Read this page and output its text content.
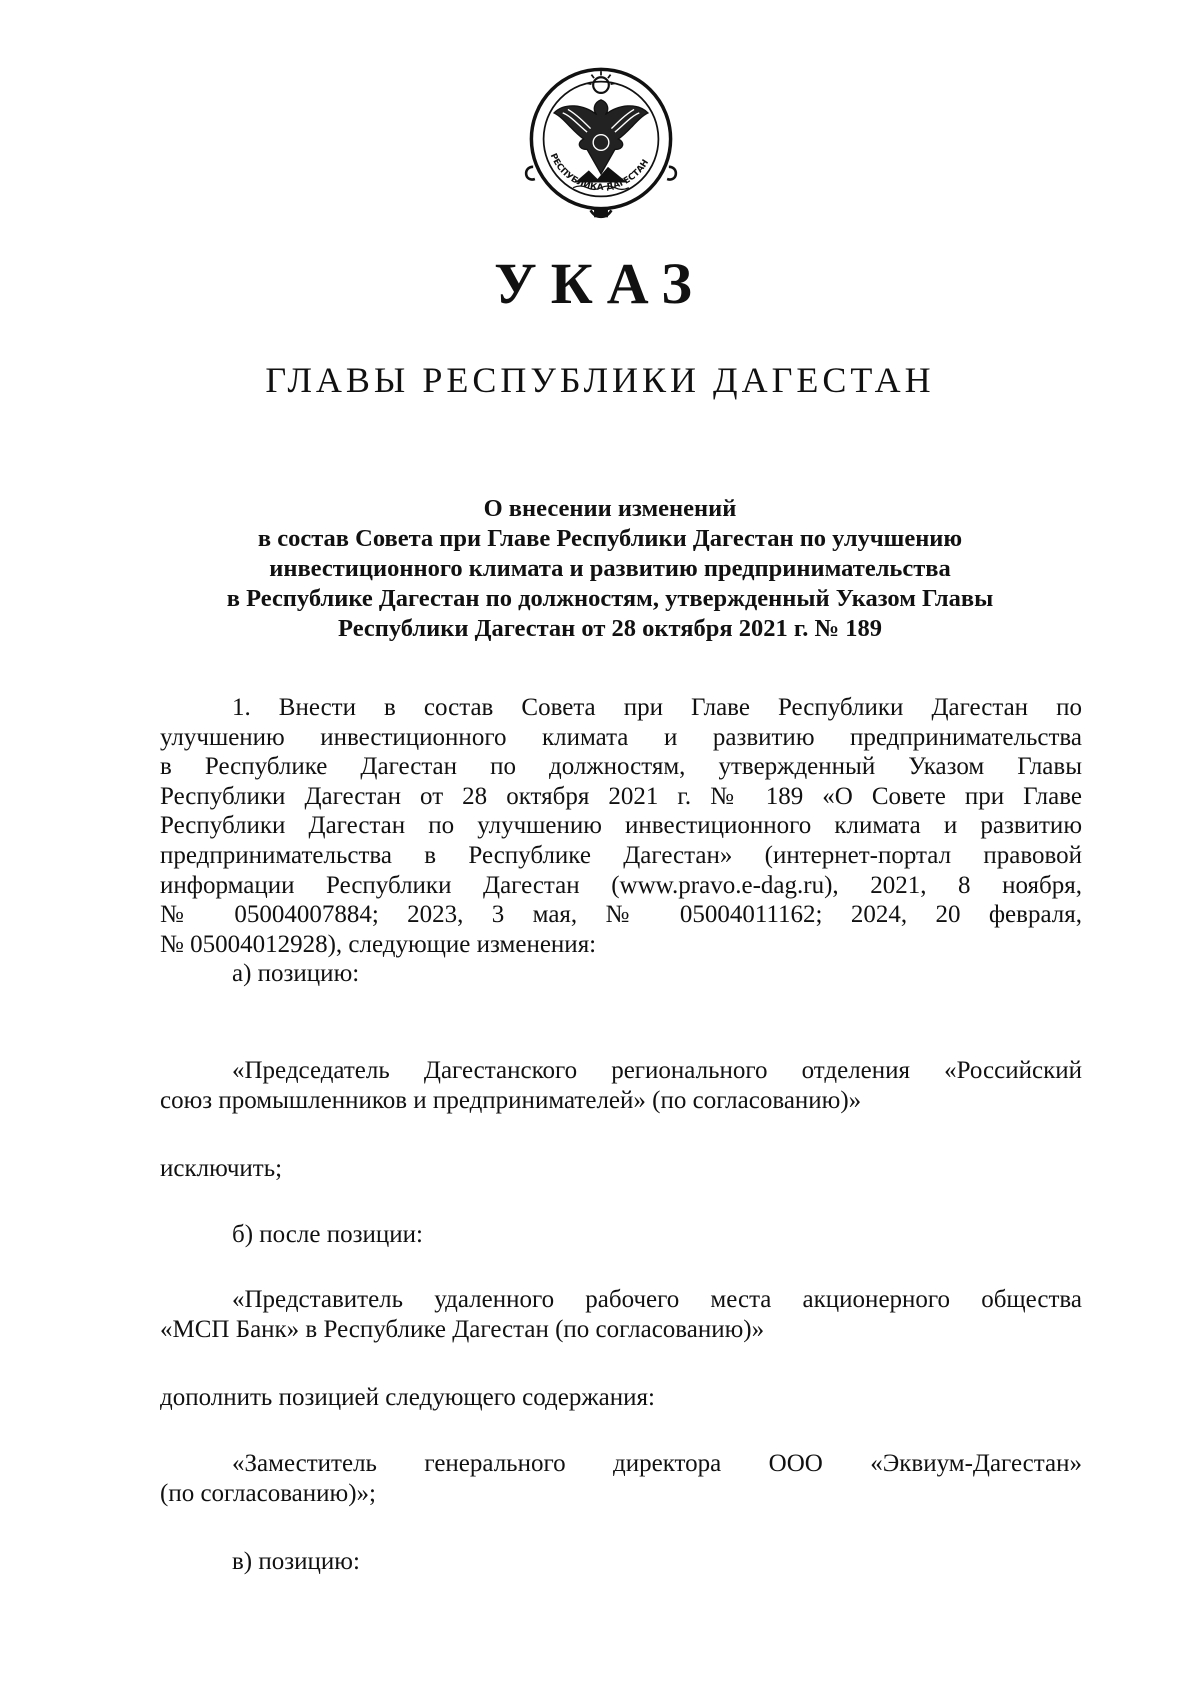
РЕСПУБЛИКА ДАГЕСТАН
УКАЗ
ГЛАВЫ РЕСПУБЛИКИ ДАГЕСТАН
О внесении изменений
в состав Совета при Главе Республики Дагестан по улучшению
инвестиционного климата и развитию предпринимательства
в Республике Дагестан по должностям, утвержденный Указом Главы
Республики Дагестан от 28 октября 2021 г. № 189
1. Внести в состав Совета при Главе Республики Дагестан по
улучшению инвестиционного климата и развитию предпринимательства
в Республике Дагестан по должностям, утвержденный Указом Главы
Республики Дагестан от 28 октября 2021 г. № 189 «О Совете при Главе
Республики Дагестан по улучшению инвестиционного климата и развитию
предпринимательства в Республике Дагестан» (интернет-портал правовой
информации Республики Дагестан (www.pravo.e-dag.ru), 2021, 8 ноября,
№ 05004007884; 2023, 3 мая, № 05004011162; 2024, 20 февраля,
№ 05004012928), следующие изменения:
а) позицию:
«Председатель Дагестанского регионального отделения «Российский
союз промышленников и предпринимателей» (по согласованию)»
исключить;
б) после позиции:
«Представитель удаленного рабочего места акционерного общества
«МСП Банк» в Республике Дагестан (по согласованию)»
дополнить позицией следующего содержания:
«Заместитель генерального директора ООО «Эквиум-Дагестан»
(по согласованию)»;
в) позицию:
